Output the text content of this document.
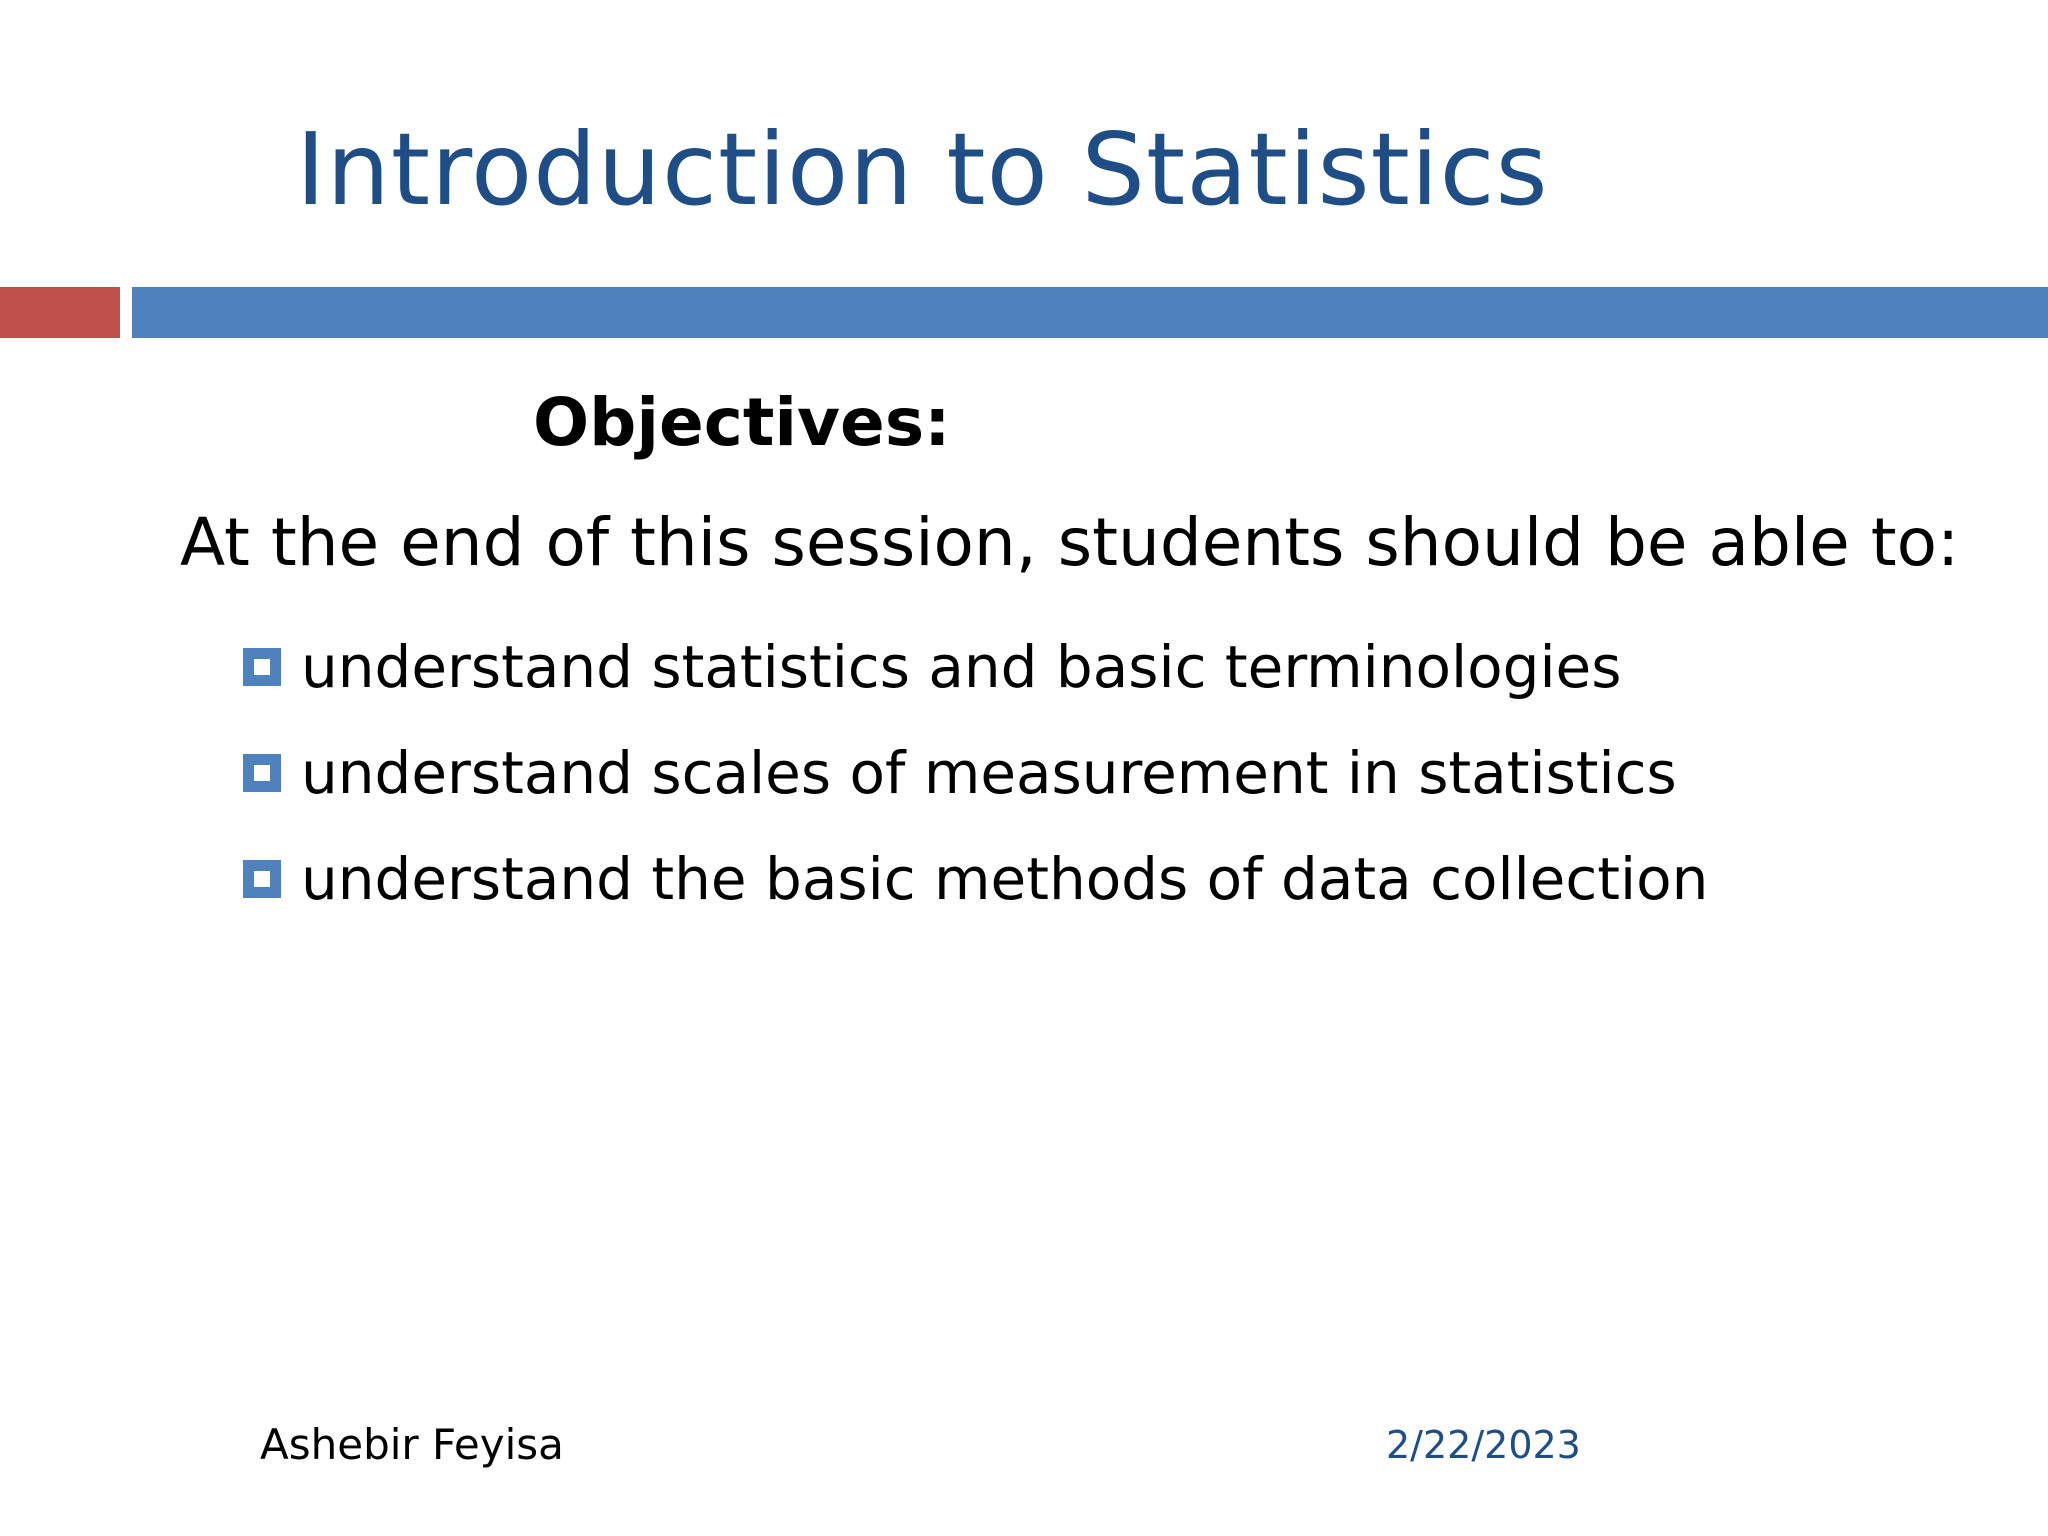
Introduction to Statistics
Objectives:
At the end of this session, students should be able to:
understand statistics and basic terminologies
understand scales of measurement in statistics
understand the basic methods of data collection
Ashebir Feyisa	2/22/2023
